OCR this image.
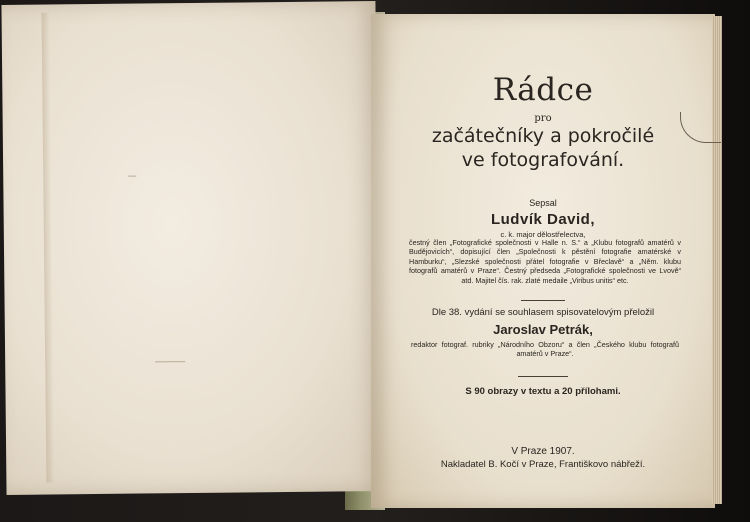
Rádce
pro
začátečníky a pokročilé
ve fotografování.
Sepsal
Ludvík David,
c. k. major dělostřelectva,
čestný člen „Fotografické společnosti v Halle n. S.“ a „Klubu fotografů amatérů v Budějovicích“, dopisující člen „Společnosti k pěstění fotografie amatérské v Hamburku“, „Slezské společnosti přátel fotografie v Břeclavě“ a „Něm. klubu fotografů amatérů v Praze“. Čestný předseda „Fotografické společnosti ve Lvově“ atd. Majitel čís. rak. zlaté medaile „Viribus unitis“ etc.
Dle 38. vydání se souhlasem spisovatelovým přeložil
Jaroslav Petrák,
redaktor fotograf. rubriky „Národního Obzoru“ a člen „Českého klubu fotografů amatérů v Praze“.
S 90 obrazy v textu a 20 přílohami.
V Praze 1907.
Nakladatel B. Kočí v Praze, Františkovo nábřeží.
